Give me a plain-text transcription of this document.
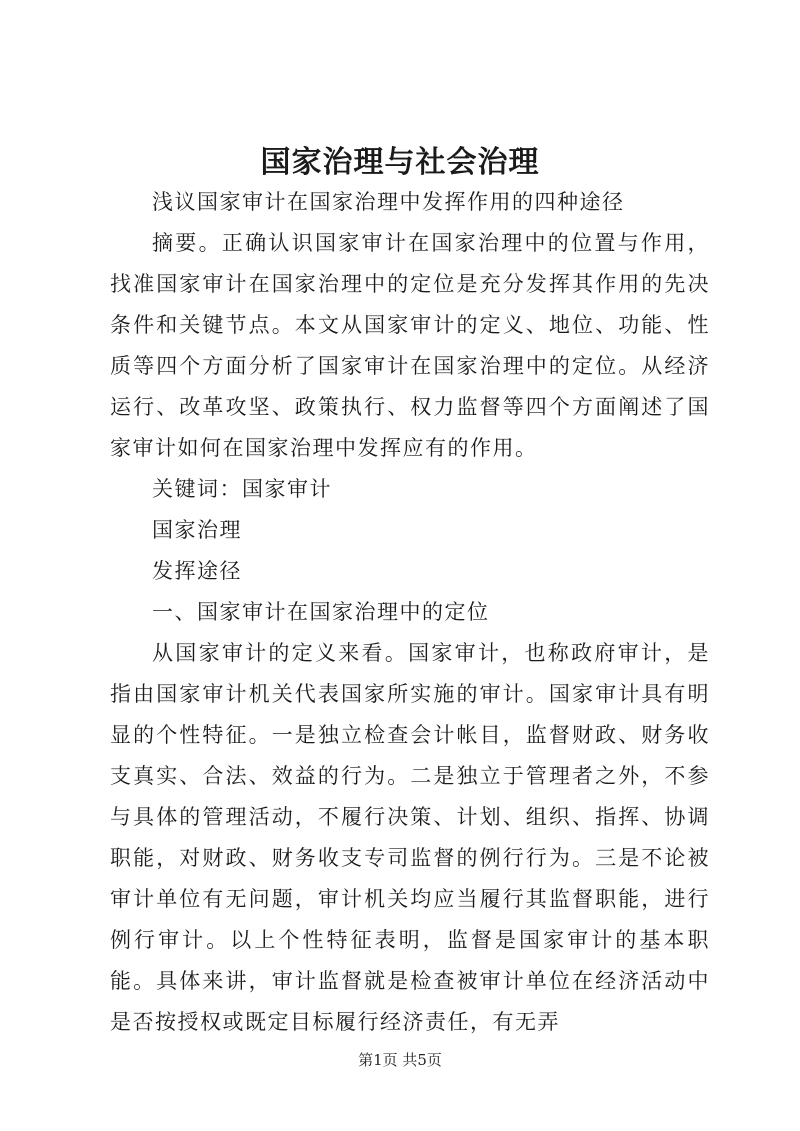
国家治理与社会治理

浅议国家审计在国家治理中发挥作用的四种途径

摘要。正确认识国家审计在国家治理中的位置与作用，找准国家审计在国家治理中的定位是充分发挥其作用的先决条件和关键节点。本文从国家审计的定义、地位、功能、性质等四个方面分析了国家审计在国家治理中的定位。从经济运行、改革攻坚、政策执行、权力监督等四个方面阐述了国家审计如何在国家治理中发挥应有的作用。

关键词：国家审计

国家治理

发挥途径

一、国家审计在国家治理中的定位

从国家审计的定义来看。国家审计，也称政府审计，是指由国家审计机关代表国家所实施的审计。国家审计具有明显的个性特征。一是独立检查会计帐目，监督财政、财务收支真实、合法、效益的行为。二是独立于管理者之外，不参与具体的管理活动，不履行决策、计划、组织、指挥、协调职能，对财政、财务收支专司监督的例行行为。三是不论被审计单位有无问题，审计机关均应当履行其监督职能，进行例行审计。以上个性特征表明，监督是国家审计的基本职能。具体来讲，审计监督就是检查被审计单位在经济活动中是否按授权或既定目标履行经济责任，有无弄

第1页 共5页
